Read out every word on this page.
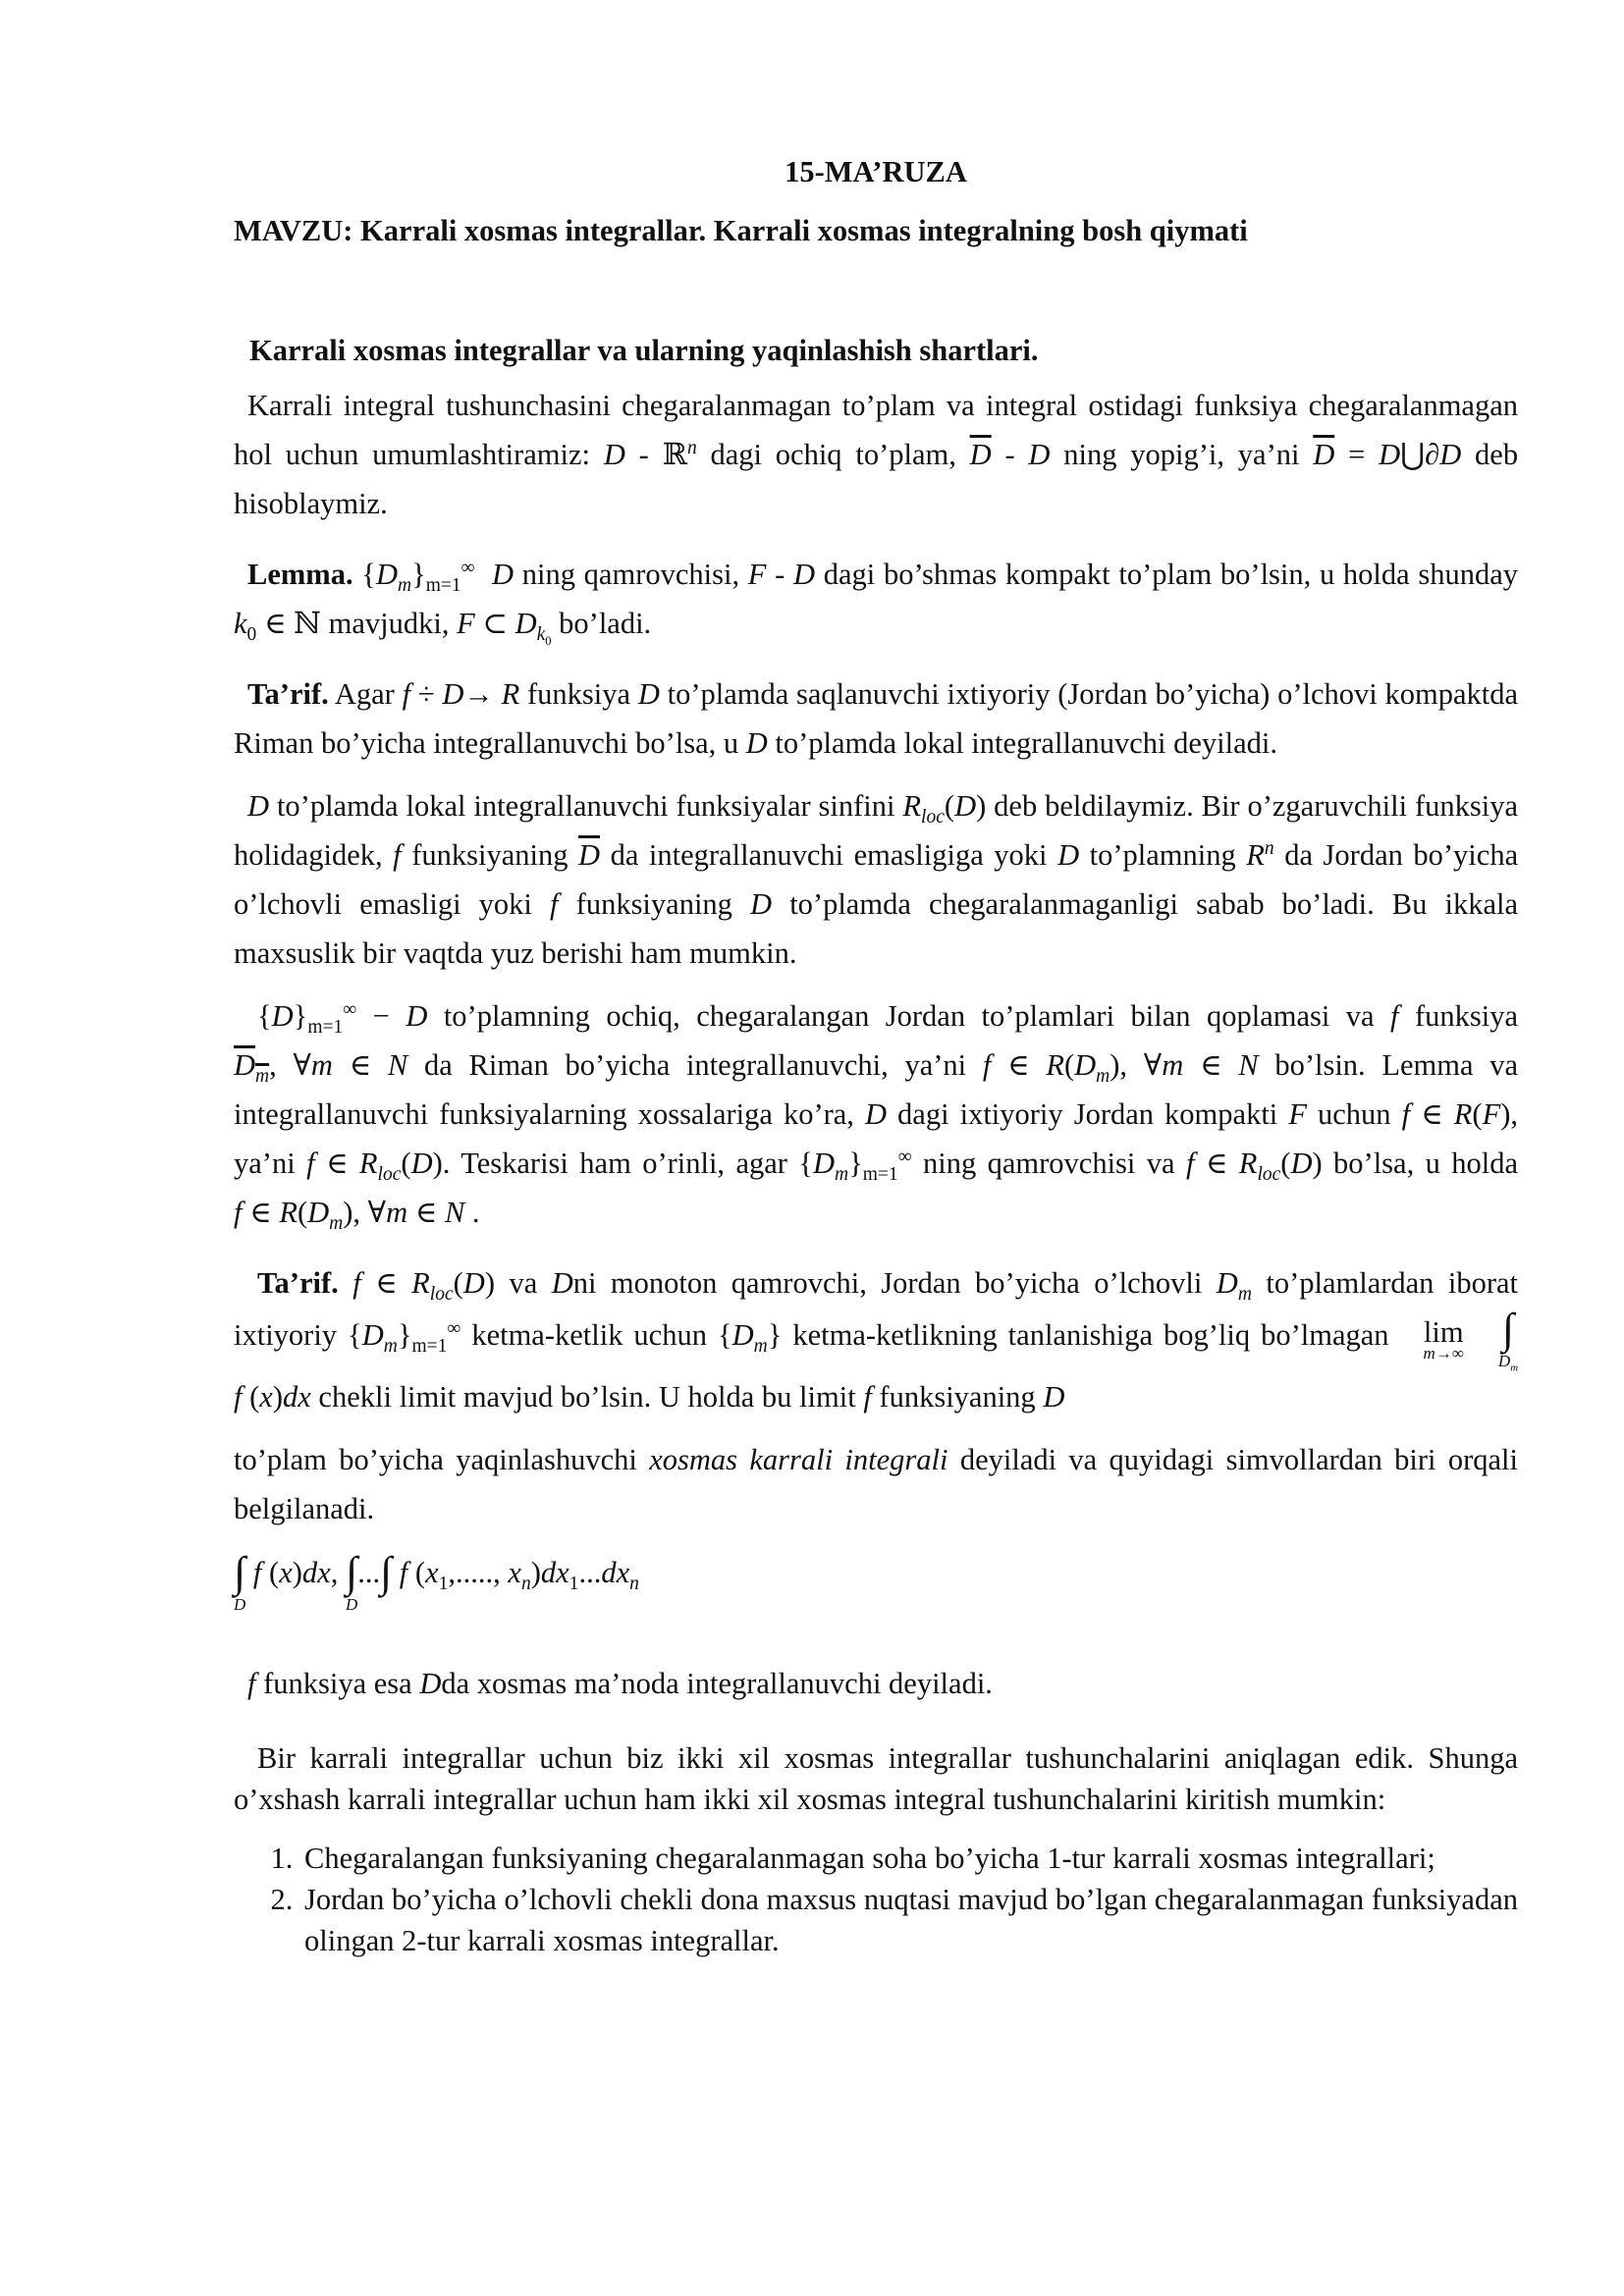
15-MA’RUZA

MAVZU: Karrali xosmas integrallar. Karrali xosmas integralning bosh qiymati

Karrali xosmas integrallar va ularning yaqinlashish shartlari.

Karrali integral tushunchasini chegaralanmagan to’plam va integral ostidagi funksiya chegaralanmagan hol uchun umumlashtiramiz: D - ℝ$^n$ dagi ochiq to’plam, $\overline{D}$ - D ning yopig’i, ya’ni $\overline{D}$ = D⋃∂D deb hisoblaymiz.

Lemma. $\{D_m\}_{m=1}^\infty$ D ning qamrovchisi, F - D dagi bo’shmas kompakt to’plam bo’lsin, u holda shunday $k_0$ ∈ ℕ mavjudki, F ⊂ $D_{k_0}$ bo’ladi.

Ta’rif. Agar f ÷ D→ R funksiya D to’plamda saqlanuvchi ixtiyoriy (Jordan bo’yicha) o’lchovi kompaktda Riman bo’yicha integrallanuvchi bo’lsa, u D to’plamda lokal integrallanuvchi deyiladi.

D to’plamda lokal integrallanuvchi funksiyalar sinfini $R_{loc}(D)$ deb beldilaymiz. Bir o’zgaruvchili funksiya holidagidek, f funksiyaning $\overline{D}$ da integrallanuvchi emasligiga yoki D to’plamning $R^n$ da Jordan bo’yicha o’lchovli emasligi yoki f funksiyaning D to’plamda chegaralanmaganligi sabab bo’ladi. Bu ikkala maxsuslik bir vaqtda yuz berishi ham mumkin.

$\{D\}_{m=1}^\infty - D$ to’plamning ochiq, chegaralangan Jordan to’plamlari bilan qoplamasi va f funksiya $D_m$, ∀m ∈ N da Riman bo’yicha integrallanuvchi, ya’ni f ∈ $R(D_m)$, ∀m ∈ N bo’lsin. Lemma va integrallanuvchi funksiyalarning xossalariga ko’ra, D dagi ixtiyoriy Jordan kompakti F uchun f ∈ R(F), ya’ni f ∈ $R_{loc}(D)$. Teskarisi ham o’rinli, agar $\{D_m\}_{m=1}^\infty$ ning qamrovchisi va f ∈ $R_{loc}(D)$ bo’lsa, u holda f ∈ $R(D_m)$, ∀m ∈ N .

Ta’rif. f ∈ $R_{loc}(D)$ va Dni monoton qamrovchi, Jordan bo’yicha o’lchovli $D_m$ to’plamlardan iborat ixtiyoriy $\{D_m\}_{m=1}^\infty$ ketma-ketlik uchun $\{D_m\}$ ketma-ketlikning tanlanishiga bog’liq bo’lmagan	lim
m→∞

∫
$D_m$
f (x)dx chekli limit mavjud bo’lsin. U holda bu limit f funksiyaning D

to’plam bo’yicha yaqinlashuvchi xosmas karrali integrali deyiladi va quyidagi simvollardan biri orqali belgilanadi.

∫
D
f (x)dx, ∫
D
... ∫
f ($x_1$,....., $x_n)dx_1...dx_n$

f funksiya esa Dda xosmas ma’noda integrallanuvchi deyiladi.

Bir karrali integrallar uchun biz ikki xil xosmas integrallar tushunchalarini aniqlagan edik. Shunga o’xshash karrali integrallar uchun ham ikki xil xosmas integral tushunchalarini kiritish mumkin:

1. Chegaralangan funksiyaning chegaralanmagan soha bo’yicha 1-tur karrali xosmas integrallari;
2. Jordan bo’yicha o’lchovli chekli dona maxsus nuqtasi mavjud bo’lgan chegaralanmagan funksiyadan olingan 2-tur karrali xosmas integrallar.
